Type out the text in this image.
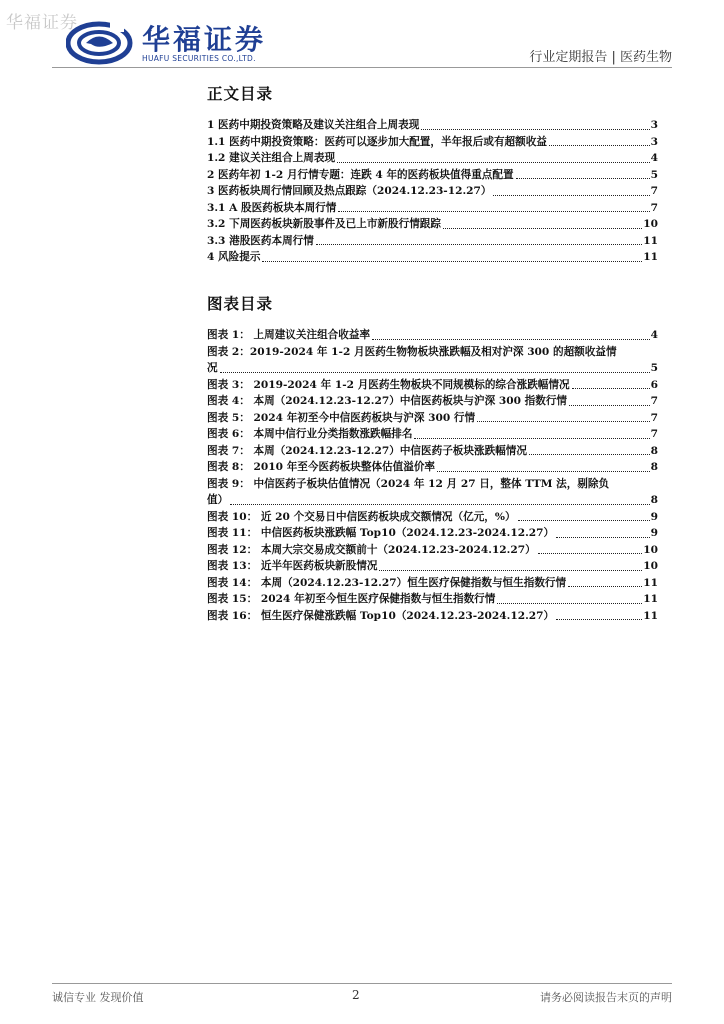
华福证券 华福证券
HUAFU SECURITIES CO.,LTD.	行业定期报告 | 医药生物
正文目录
1 医药中期投资策略及建议关注组合上周表现	3
1.1 医药中期投资策略：医药可以逐步加大配置，半年报后或有超额收益	3
1.2 建议关注组合上周表现	4
2 医药年初 1-2 月行情专题：连跌 4 年的医药板块值得重点配置	5
3 医药板块周行情回顾及热点跟踪（2024.12.23-12.27）	7
3.1 A 股医药板块本周行情	7
3.2 下周医药板块新股事件及已上市新股行情跟踪	10
3.3 港股医药本周行情	11
4 风险提示	11
图表目录
图表 1： 上周建议关注组合收益率	4
图表 2：2019-2024 年 1-2 月医药生物物板块涨跌幅及相对沪深 300 的超额收益情
况	5
图表 3： 2019-2024 年 1-2 月医药生物板块不同规模标的综合涨跌幅情况	6
图表 4： 本周（2024.12.23-12.27）中信医药板块与沪深 300 指数行情	7
图表 5： 2024 年初至今中信医药板块与沪深 300 行情	7
图表 6： 本周中信行业分类指数涨跌幅排名	7
图表 7： 本周（2024.12.23-12.27）中信医药子板块涨跌幅情况	8
图表 8： 2010 年至今医药板块整体估值溢价率	8
图表 9： 中信医药子板块估值情况（2024 年 12 月 27 日，整体 TTM 法，剔除负
值）	8
图表 10： 近 20 个交易日中信医药板块成交额情况（亿元，%）	9
图表 11： 中信医药板块涨跌幅 Top10（2024.12.23-2024.12.27）	9
图表 12： 本周大宗交易成交额前十（2024.12.23-2024.12.27）	10
图表 13： 近半年医药板块新股情况	10
图表 14： 本周（2024.12.23-12.27）恒生医疗保健指数与恒生指数行情	11
图表 15： 2024 年初至今恒生医疗保健指数与恒生指数行情	11
图表 16： 恒生医疗保健涨跌幅 Top10（2024.12.23-2024.12.27）	11
诚信专业 发现价值	2	请务必阅读报告末页的声明
